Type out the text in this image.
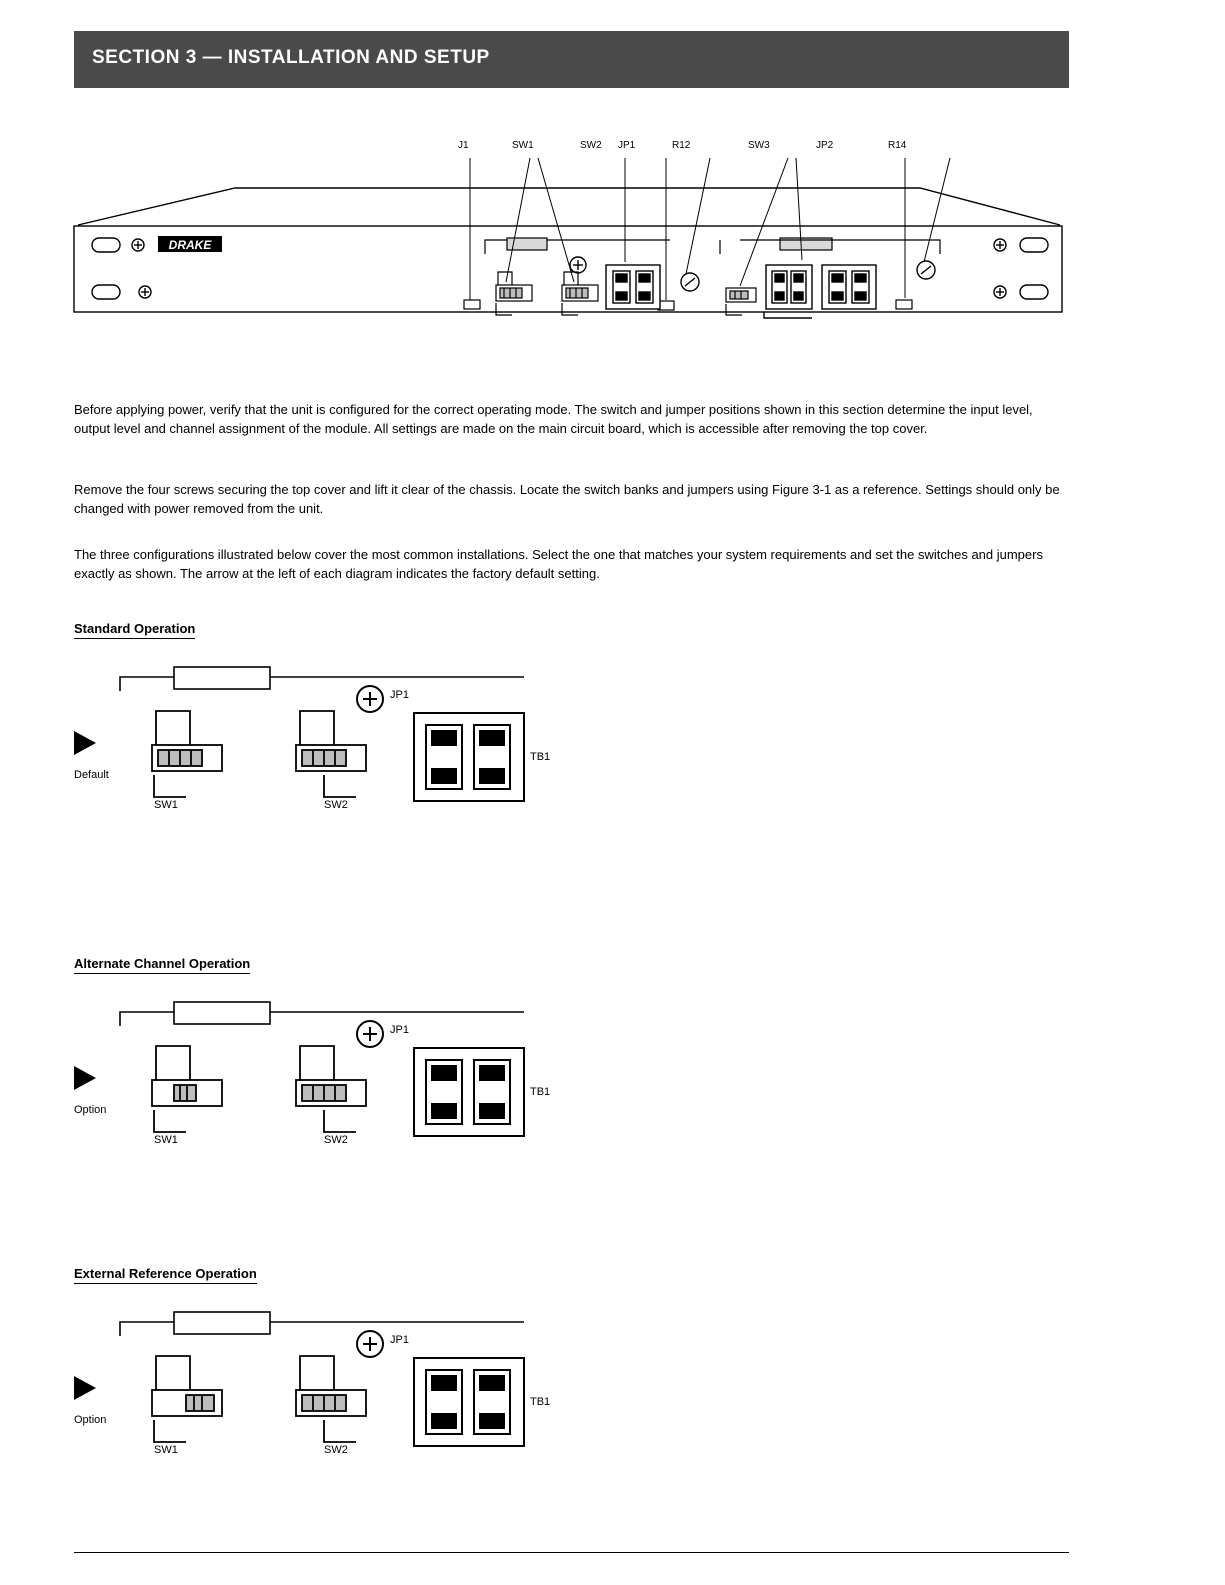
SECTION 3 — INSTALLATION AND SETUP
DRAKE
J1	SW1	SW2 JP1	R12	SW3	JP2	R14
Before applying power, verify that the unit is configured for the correct operating mode. The switch and jumper positions shown in this section determine the input level, output level and channel assignment of the module. All settings are made on the main circuit board, which is accessible after removing the top cover.
Remove the four screws securing the top cover and lift it clear of the chassis. Locate the switch banks and jumpers using Figure 3-1 as a reference. Settings should only be changed with power removed from the unit.
The three configurations illustrated below cover the most common installations. Select the one that matches your system requirements and set the switches and jumpers exactly as shown. The arrow at the left of each diagram indicates the factory default setting.
Standard Operation
Default
SW1	SW2
JP1
TB1
Alternate Channel Operation
Option
SW1	SW2
JP1
TB1
External Reference Operation
Option
SW1	SW2
JP1
TB1
